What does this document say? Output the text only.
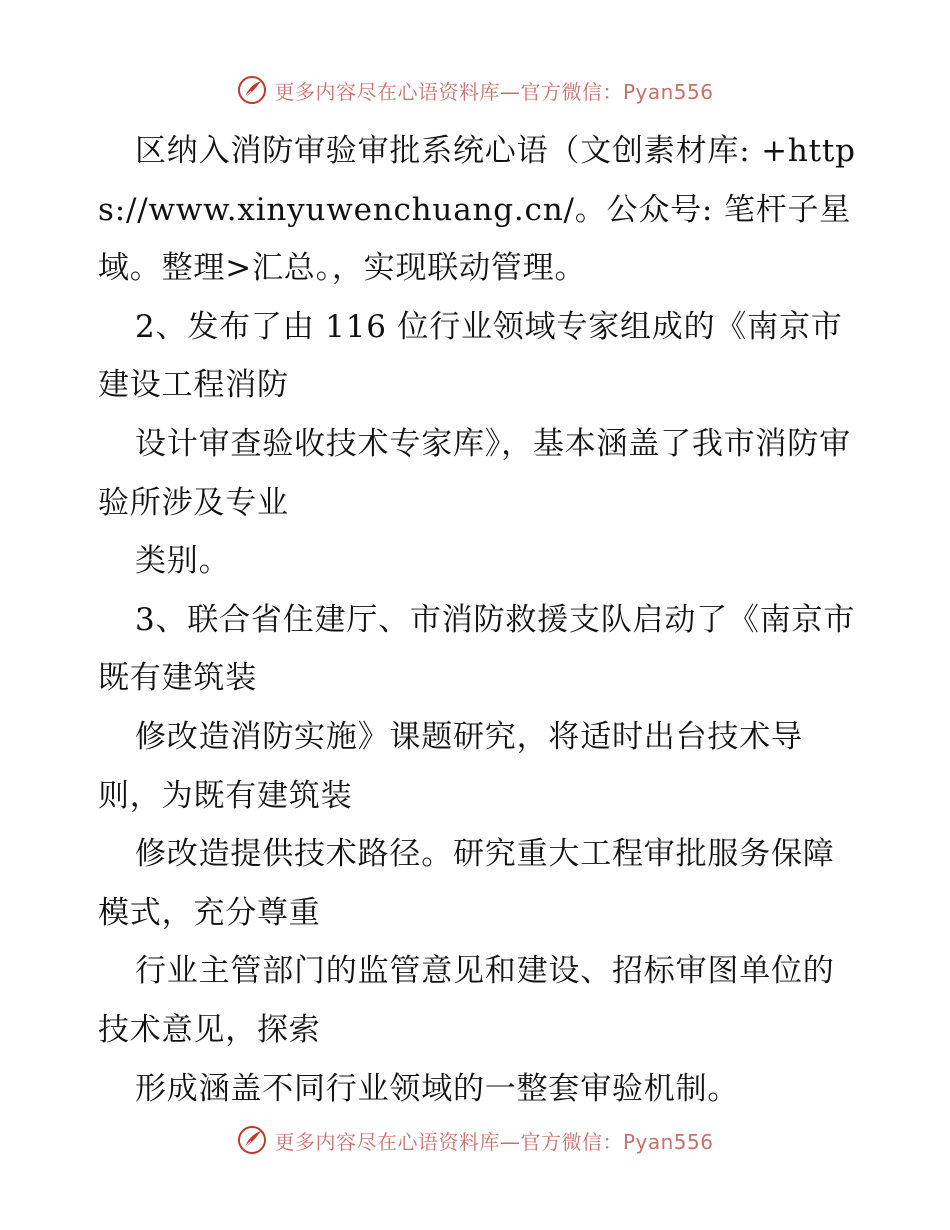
更多内容尽在心语资料库—官方微信：Pyan556

区纳入消防审验审批系统心语（文创素材库: +https://www.xinyuwenchuang.cn/。公众号: 笔杆子星域。整理>汇总。，实现联动管理。

2、发布了由 116 位行业领域专家组成的《南京市建设工程消防

设计审查验收技术专家库》，基本涵盖了我市消防审验所涉及专业

类别。

3、联合省住建厅、市消防救援支队启动了《南京市既有建筑装

修改造消防实施》课题研究，将适时出台技术导则，为既有建筑装

修改造提供技术路径。研究重大工程审批服务保障模式，充分尊重

行业主管部门的监管意见和建设、招标审图单位的技术意见，探索

形成涵盖不同行业领域的一整套审验机制。

更多内容尽在心语资料库—官方微信：Pyan556
